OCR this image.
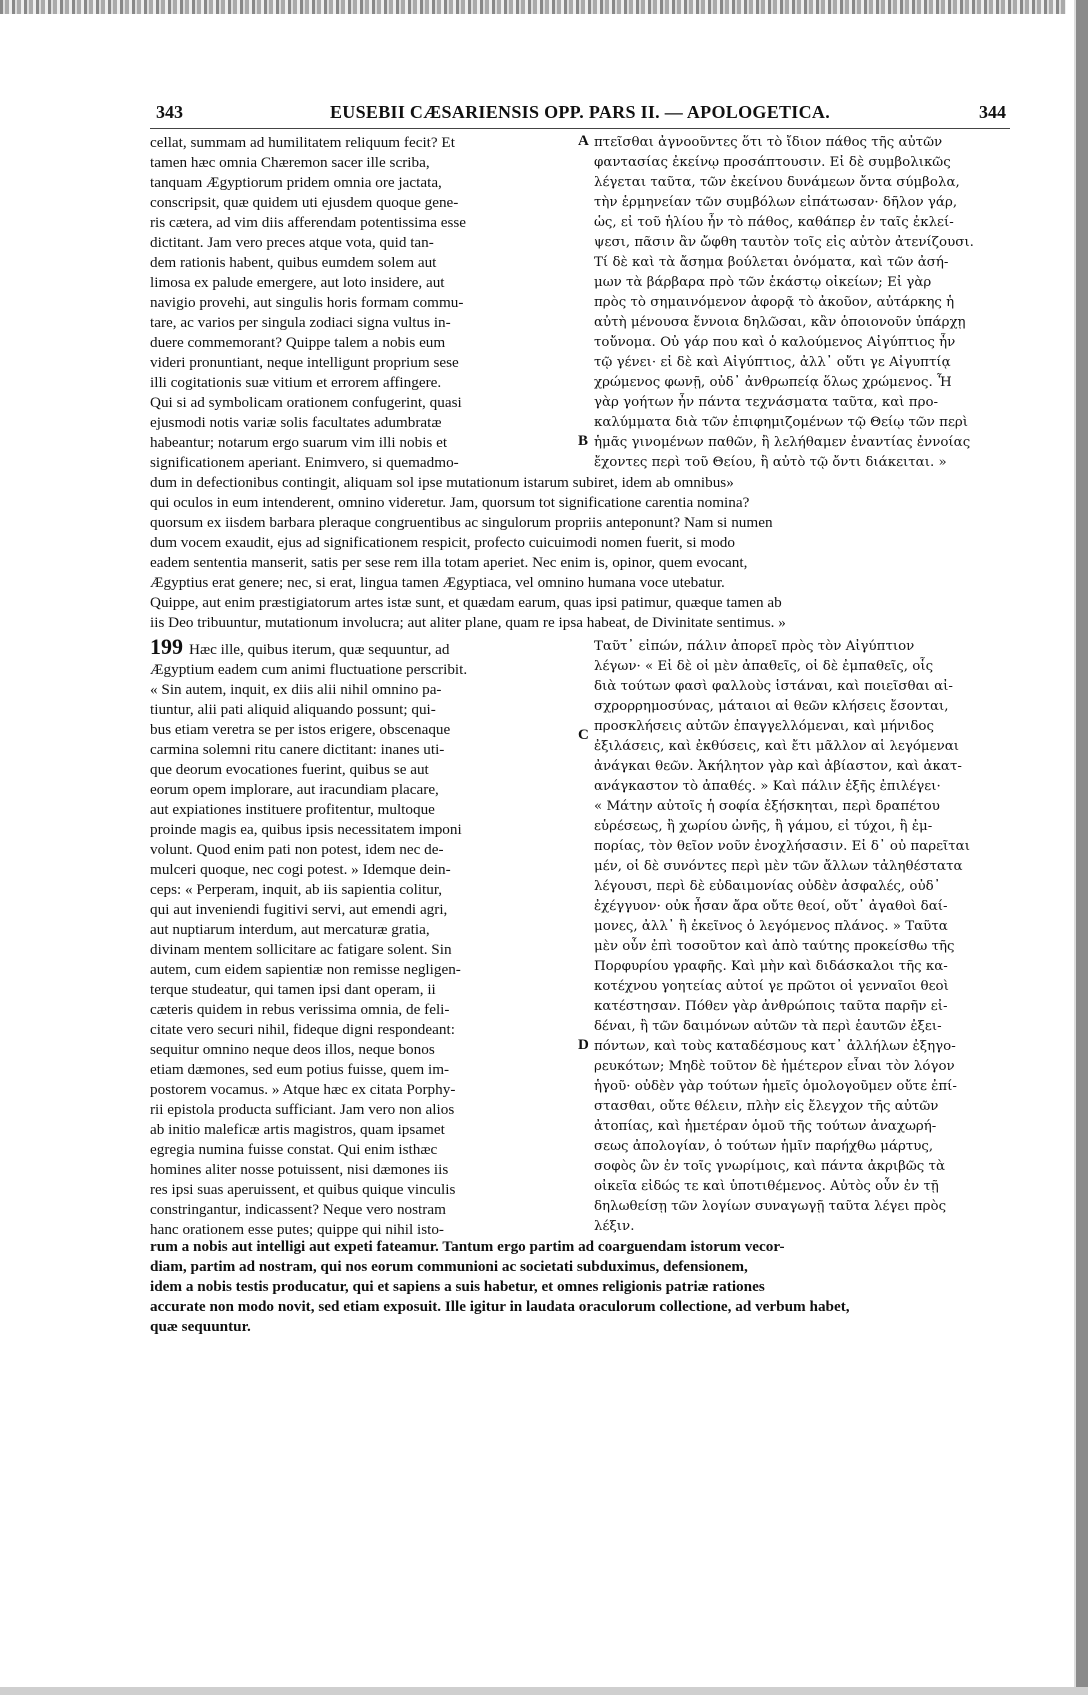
343	EUSEBII CÆSARIENSIS OPP. PARS II. — APOLOGETICA.	344
cellat, summam ad humilitatem reliquum fecit? Et
tamen hæc omnia Chæremon sacer ille scriba,
tanquam Ægyptiorum pridem omnia ore jactata,
conscripsit, quæ quidem uti ejusdem quoque gene-
ris cætera, ad vim diis afferendam potentissima esse
dictitant. Jam vero preces atque vota, quid tan-
dem rationis habent, quibus eumdem solem aut
limosa ex palude emergere, aut loto insidere, aut
navigio provehi, aut singulis horis formam commu-
tare, ac varios per singula zodiaci signa vultus in-
duere commemorant? Quippe talem a nobis eum
videri pronuntiant, neque intelligunt proprium sese
illi cogitationis suæ vitium et errorem affingere.
Qui si ad symbolicam orationem confugerint, quasi
ejusmodi notis variæ solis facultates adumbratæ
habeantur; notarum ergo suarum vim illi nobis et
significationem aperiant. Enimvero, si quemadmo-
πτεῖσθαι ἀγνοοῦντες ὅτι τὸ ἴδιον πάθος τῆς αὐτῶν
φαντασίας ἐκείνῳ προσάπτουσιν. Εἰ δὲ συμβολικῶς
λέγεται ταῦτα, τῶν ἐκείνου δυνάμεων ὄντα σύμβολα,
τὴν ἑρμηνείαν τῶν συμβόλων εἰπάτωσαν· δῆλον γάρ,
ὡς, εἰ τοῦ ἡλίου ἦν τὸ πάθος, καθάπερ ἐν ταῖς ἐκλεί-
ψεσι, πᾶσιν ἂν ὤφθη ταυτὸν τοῖς εἰς αὐτὸν ἀτενίζουσι.
Τί δὲ καὶ τὰ ἄσημα βούλεται ὀνόματα, καὶ τῶν ἀσή-
μων τὰ βάρβαρα πρὸ τῶν ἑκάστῳ οἰκείων; Εἰ γὰρ
πρὸς τὸ σημαινόμενον ἀφορᾷ τὸ ἀκοῦον, αὐτάρκης ἡ
αὐτὴ μένουσα ἔννοια δηλῶσαι, κἂν ὁποιονοῦν ὑπάρχῃ
τοὔνομα. Οὐ γάρ που καὶ ὁ καλούμενος Αἰγύπτιος ἦν
τῷ γένει· εἰ δὲ καὶ Αἰγύπτιος, ἀλλ᾽ οὔτι γε Αἰγυπτίᾳ
χρώμενος φωνῇ, οὐδ᾽ ἀνθρωπείᾳ ὅλως χρώμενος. Ἦ
γὰρ γοήτων ἦν πάντα τεχνάσματα ταῦτα, καὶ προ-
καλύμματα διὰ τῶν ἐπιφημιζομένων τῷ Θείῳ τῶν περὶ
ἡμᾶς γινομένων παθῶν, ἢ λελήθαμεν ἐναντίας ἐννοίας
ἔχοντες περὶ τοῦ Θείου, ἢ αὐτὸ τῷ ὄντι διάκειται. »
A
B
dum in defectionibus contingit, aliquam sol ipse mutationum istarum subiret, idem ab omnibus»
qui oculos in eum intenderent, omnino videretur. Jam, quorsum tot significatione carentia nomina?
quorsum ex iisdem barbara pleraque congruentibus ac singulorum propriis anteponunt? Nam si numen
dum vocem exaudit, ejus ad significationem respicit, profecto cuicuimodi nomen fuerit, si modo
eadem sententia manserit, satis per sese rem illa totam aperiet. Nec enim is, opinor, quem evocant,
Ægyptius erat genere; nec, si erat, lingua tamen Ægyptiaca, vel omnino humana voce utebatur.
Quippe, aut enim præstigiatorum artes istæ sunt, et quædam earum, quas ipsi patimur, quæque tamen ab
iis Deo tribuuntur, mutationum involucra; aut aliter plane, quam re ipsa habeat, de Divinitate sentimus. »
199 Hæc ille, quibus iterum, quæ sequuntur, ad
Ægyptium eadem cum animi fluctuatione perscribit.
« Sin autem, inquit, ex diis alii nihil omnino pa-
tiuntur, alii pati aliquid aliquando possunt; qui-
bus etiam veretra se per istos erigere, obscenaque
carmina solemni ritu canere dictitant: inanes uti-
que deorum evocationes fuerint, quibus se aut
eorum opem implorare, aut iracundiam placare,
aut expiationes instituere profitentur, multoque
proinde magis ea, quibus ipsis necessitatem imponi
volunt. Quod enim pati non potest, idem nec de-
mulceri quoque, nec cogi potest. » Idemque dein-
ceps: « Perperam, inquit, ab iis sapientia colitur,
qui aut inveniendi fugitivi servi, aut emendi agri,
aut nuptiarum interdum, aut mercaturæ gratia,
divinam mentem sollicitare ac fatigare solent. Sin
autem, cum eidem sapientiæ non remisse negligen-
terque studeatur, qui tamen ipsi dant operam, ii
cæteris quidem in rebus verissima omnia, de feli-
citate vero securi nihil, fideque digni respondeant:
sequitur omnino neque deos illos, neque bonos
etiam dæmones, sed eum potius fuisse, quem im-
postorem vocamus. » Atque hæc ex citata Porphy-
rii epistola producta sufficiant. Jam vero non alios
ab initio maleficæ artis magistros, quam ipsamet
egregia numina fuisse constat. Qui enim isthæc
homines aliter nosse potuissent, nisi dæmones iis
res ipsi suas aperuissent, et quibus quique vinculis
constringantur, indicassent? Neque vero nostram
hanc orationem esse putes; quippe qui nihil isto-
Ταῦτ᾽ εἰπών, πάλιν ἀπορεῖ πρὸς τὸν Αἰγύπτιον
λέγων· « Εἰ δὲ οἱ μὲν ἀπαθεῖς, οἱ δὲ ἐμπαθεῖς, οἷς
διὰ τούτων φασὶ φαλλοὺς ἱστάναι, καὶ ποιεῖσθαι αἰ-
σχρορρημοσύνας, μάταιοι αἱ θεῶν κλήσεις ἔσονται,
προσκλήσεις αὐτῶν ἐπαγγελλόμεναι, καὶ μήνιδος
ἐξιλάσεις, καὶ ἐκθύσεις, καὶ ἔτι μᾶλλον αἱ λεγόμεναι
ἀνάγκαι θεῶν. Ἀκήλητον γὰρ καὶ ἀβίαστον, καὶ ἀκατ-
ανάγκαστον τὸ ἀπαθές. » Καὶ πάλιν ἑξῆς ἐπιλέγει·
« Μάτην αὐτοῖς ἡ σοφία ἐξήσκηται, περὶ δραπέτου
εὑρέσεως, ἢ χωρίου ὠνῆς, ἢ γάμου, εἰ τύχοι, ἢ ἐμ-
πορίας, τὸν θεῖον νοῦν ἐνοχλήσασιν. Εἰ δ᾽ οὐ παρεῖται
μέν, οἱ δὲ συνόντες περὶ μὲν τῶν ἄλλων τἀληθέστατα
λέγουσι, περὶ δὲ εὐδαιμονίας οὐδὲν ἀσφαλές, οὐδ᾽
ἐχέγγυον· οὐκ ἦσαν ἄρα οὔτε θεοί, οὔτ᾽ ἀγαθοὶ δαί-
μονες, ἀλλ᾽ ἢ ἐκεῖνος ὁ λεγόμενος πλάνος. » Ταῦτα
μὲν οὖν ἐπὶ τοσοῦτον καὶ ἀπὸ ταύτης προκείσθω τῆς
Πορφυρίου γραφῆς. Καὶ μὴν καὶ διδάσκαλοι τῆς κα-
κοτέχνου γοητείας αὐτοί γε πρῶτοι οἱ γενναῖοι θεοὶ
κατέστησαν. Πόθεν γὰρ ἀνθρώποις ταῦτα παρῆν εἰ-
δέναι, ἢ τῶν δαιμόνων αὐτῶν τὰ περὶ ἑαυτῶν ἐξει-
πόντων, καὶ τοὺς καταδέσμους κατ᾽ ἀλλήλων ἐξηγο-
ρευκότων; Μηδὲ τοῦτον δὲ ἡμέτερον εἶναι τὸν λόγον
ἡγοῦ· οὐδὲν γὰρ τούτων ἡμεῖς ὁμολογοῦμεν οὔτε ἐπί-
στασθαι, οὔτε θέλειν, πλὴν εἰς ἔλεγχον τῆς αὐτῶν
ἀτοπίας, καὶ ἡμετέραν ὁμοῦ τῆς τούτων ἀναχωρή-
σεως ἀπολογίαν, ὁ τούτων ἡμῖν παρήχθω μάρτυς,
σοφὸς ὢν ἐν τοῖς γνωρίμοις, καὶ πάντα ἀκριβῶς τὰ
οἰκεῖα εἰδώς τε καὶ ὑποτιθέμενος. Αὐτὸς οὖν ἐν τῇ
δηλωθείσῃ τῶν λογίων συναγωγῇ ταῦτα λέγει πρὸς
λέξιν.
C
D
rum a nobis aut intelligi aut expeti fateamur. Tantum ergo partim ad coarguendam istorum vecor-
diam, partim ad nostram, qui nos eorum communioni ac societati subduximus, defensionem,
idem a nobis testis producatur, qui et sapiens a suis habetur, et omnes religionis patriæ rationes
accurate non modo novit, sed etiam exposuit. Ille igitur in laudata oraculorum collectione, ad verbum habet,
quæ sequuntur.
